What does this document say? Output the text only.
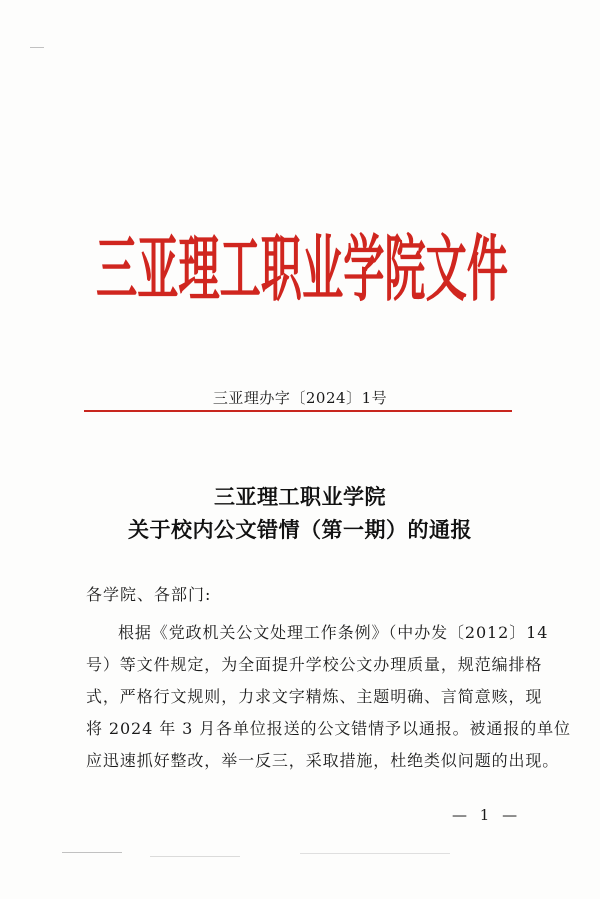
三亚理工职业学院文件
三亚理办字〔2024〕1号
三亚理工职业学院
关于校内公文错情（第一期）的通报
各学院、各部门:
根据《党政机关公文处理工作条例》（中办发〔2012〕14
号）等文件规定，为全面提升学校公文办理质量，规范编排格
式，严格行文规则，力求文字精炼、主题明确、言简意赅，现
将 2024 年 3 月各单位报送的公文错情予以通报。被通报的单位
应迅速抓好整改，举一反三，采取措施，杜绝类似问题的出现。
— 1 —
